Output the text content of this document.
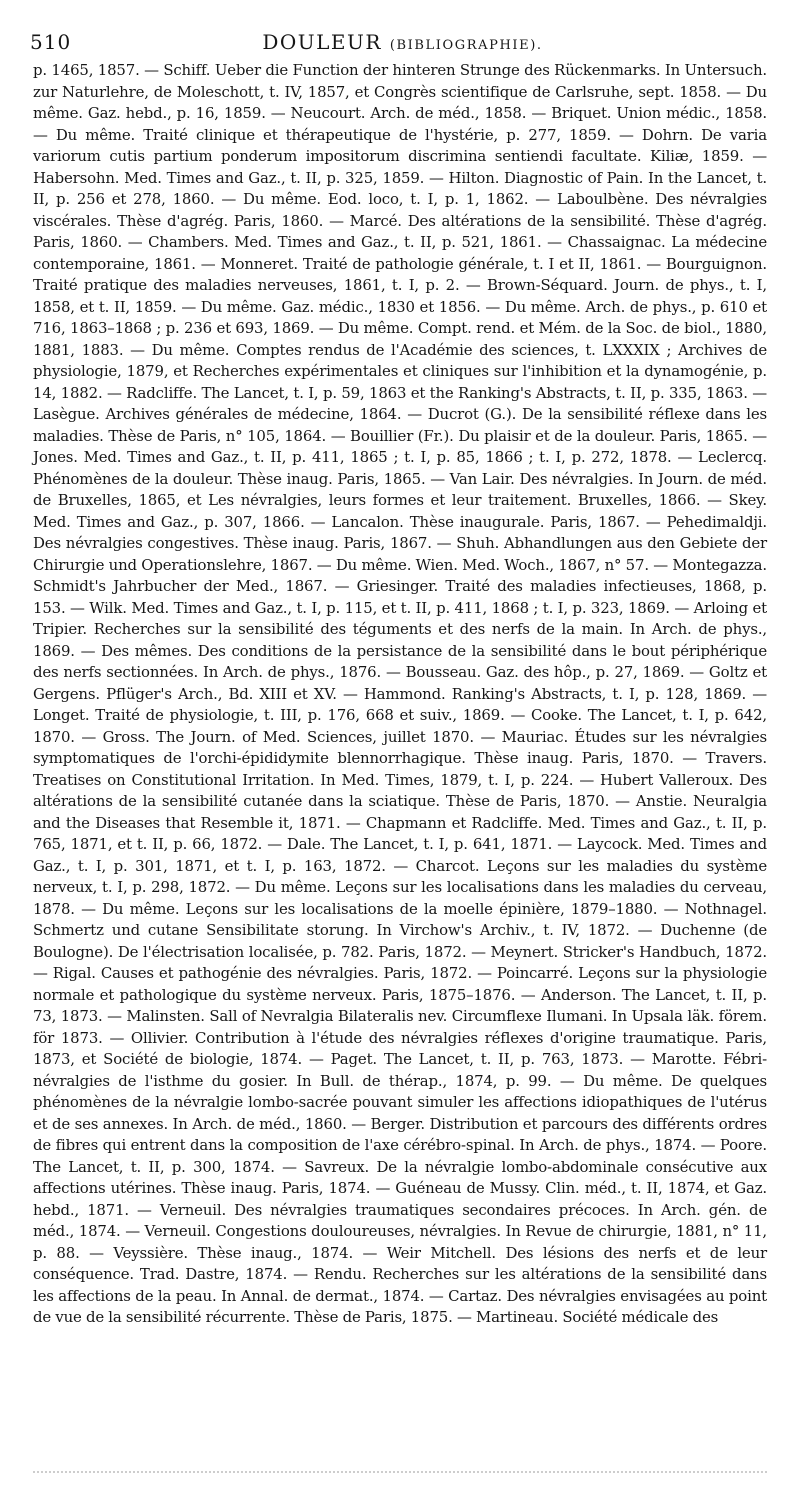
510	DOULEUR (BIBLIOGRAPHIE).
p. 1465, 1857. — Schiff. Ueber die Function der hinteren Strunge des Rückenmarks. In Untersuch. zur Naturlehre, de Moleschott, t. IV, 1857, et Congrès scientifique de Carlsruhe, sept. 1858. — Du même. Gaz. hebd., p. 16, 1859. — Neucourt. Arch. de méd., 1858. — Briquet. Union médic., 1858. — Du même. Traité clinique et thérapeutique de l'hystérie, p. 277, 1859. — Dohrn. De varia variorum cutis partium ponderum impositorum discrimina sentiendi facultate. Kiliæ, 1859. — Habersohn. Med. Times and Gaz., t. II, p. 325, 1859. — Hilton. Diagnostic of Pain. In the Lancet, t. II, p. 256 et 278, 1860. — Du même. Eod. loco, t. I, p. 1, 1862. — Laboulbène. Des névralgies viscérales. Thèse d'agrég. Paris, 1860. — Marcé. Des altérations de la sensibilité. Thèse d'agrég. Paris, 1860. — Chambers. Med. Times and Gaz., t. II, p. 521, 1861. — Chassaignac. La médecine contemporaine, 1861. — Monneret. Traité de pathologie générale, t. I et II, 1861. — Bourguignon. Traité pratique des maladies nerveuses, 1861, t. I, p. 2. — Brown-Séquard. Journ. de phys., t. I, 1858, et t. II, 1859. — Du même. Gaz. médic., 1830 et 1856. — Du même. Arch. de phys., p. 610 et 716, 1863–1868 ; p. 236 et 693, 1869. — Du même. Compt. rend. et Mém. de la Soc. de biol., 1880, 1881, 1883. — Du même. Comptes rendus de l'Académie des sciences, t. LXXXIX ; Archives de physiologie, 1879, et Recherches expérimentales et cliniques sur l'inhibition et la dynamogénie, p. 14, 1882. — Radcliffe. The Lancet, t. I, p. 59, 1863 et the Ranking's Abstracts, t. II, p. 335, 1863. — Lasègue. Archives générales de médecine, 1864. — Ducrot (G.). De la sensibilité réflexe dans les maladies. Thèse de Paris, n° 105, 1864. — Bouillier (Fr.). Du plaisir et de la douleur. Paris, 1865. — Jones. Med. Times and Gaz., t. II, p. 411, 1865 ; t. I, p. 85, 1866 ; t. I, p. 272, 1878. — Leclercq. Phénomènes de la douleur. Thèse inaug. Paris, 1865. — Van Lair. Des névralgies. In Journ. de méd. de Bruxelles, 1865, et Les névralgies, leurs formes et leur traitement. Bruxelles, 1866. — Skey. Med. Times and Gaz., p. 307, 1866. — Lancalon. Thèse inaugurale. Paris, 1867. — Pehedimaldji. Des névralgies congestives. Thèse inaug. Paris, 1867. — Shuh. Abhandlungen aus den Gebiete der Chirurgie und Operationslehre, 1867. — Du même. Wien. Med. Woch., 1867, n° 57. — Montegazza. Schmidt's Jahrbucher der Med., 1867. — Griesinger. Traité des maladies infectieuses, 1868, p. 153. — Wilk. Med. Times and Gaz., t. I, p. 115, et t. II, p. 411, 1868 ; t. I, p. 323, 1869. — Arloing et Tripier. Recherches sur la sensibilité des téguments et des nerfs de la main. In Arch. de phys., 1869. — Des mêmes. Des conditions de la persistance de la sensibilité dans le bout périphérique des nerfs sectionnées. In Arch. de phys., 1876. — Bousseau. Gaz. des hôp., p. 27, 1869. — Goltz et Gergens. Pflüger's Arch., Bd. XIII et XV. — Hammond. Ranking's Abstracts, t. I, p. 128, 1869. — Longet. Traité de physiologie, t. III, p. 176, 668 et suiv., 1869. — Cooke. The Lancet, t. I, p. 642, 1870. — Gross. The Journ. of Med. Sciences, juillet 1870. — Mauriac. Études sur les névralgies symptomatiques de l'orchi-épididymite blennorrhagique. Thèse inaug. Paris, 1870. — Travers. Treatises on Constitutional Irritation. In Med. Times, 1879, t. I, p. 224. — Hubert Valleroux. Des altérations de la sensibilité cutanée dans la sciatique. Thèse de Paris, 1870. — Anstie. Neuralgia and the Diseases that Resemble it, 1871. — Chapmann et Radcliffe. Med. Times and Gaz., t. II, p. 765, 1871, et t. II, p. 66, 1872. — Dale. The Lancet, t. I, p. 641, 1871. — Laycock. Med. Times and Gaz., t. I, p. 301, 1871, et t. I, p. 163, 1872. — Charcot. Leçons sur les maladies du système nerveux, t. I, p. 298, 1872. — Du même. Leçons sur les localisations dans les maladies du cerveau, 1878. — Du même. Leçons sur les localisations de la moelle épinière, 1879–1880. — Nothnagel. Schmertz und cutane Sensibilitate storung. In Virchow's Archiv., t. IV, 1872. — Duchenne (de Boulogne). De l'électrisation localisée, p. 782. Paris, 1872. — Meynert. Stricker's Handbuch, 1872. — Rigal. Causes et pathogénie des névralgies. Paris, 1872. — Poincarré. Leçons sur la physiologie normale et pathologique du système nerveux. Paris, 1875–1876. — Anderson. The Lancet, t. II, p. 73, 1873. — Malinsten. Sall of Nevralgia Bilateralis nev. Circumflexe Ilumani. In Upsala läk. förem. för 1873. — Ollivier. Contribution à l'étude des névralgies réflexes d'origine traumatique. Paris, 1873, et Société de biologie, 1874. — Paget. The Lancet, t. II, p. 763, 1873. — Marotte. Fébri-névralgies de l'isthme du gosier. In Bull. de thérap., 1874, p. 99. — Du même. De quelques phénomènes de la névralgie lombo-sacrée pouvant simuler les affections idiopathiques de l'utérus et de ses annexes. In Arch. de méd., 1860. — Berger. Distribution et parcours des différents ordres de fibres qui entrent dans la composition de l'axe cérébro-spinal. In Arch. de phys., 1874. — Poore. The Lancet, t. II, p. 300, 1874. — Savreux. De la névralgie lombo-abdominale consécutive aux affections utérines. Thèse inaug. Paris, 1874. — Guéneau de Mussy. Clin. méd., t. II, 1874, et Gaz. hebd., 1871. — Verneuil. Des névralgies traumatiques secondaires précoces. In Arch. gén. de méd., 1874. — Verneuil. Congestions douloureuses, névralgies. In Revue de chirurgie, 1881, n° 11, p. 88. — Veyssière. Thèse inaug., 1874. — Weir Mitchell. Des lésions des nerfs et de leur conséquence. Trad. Dastre, 1874. — Rendu. Recherches sur les altérations de la sensibilité dans les affections de la peau. In Annal. de dermat., 1874. — Cartaz. Des névralgies envisagées au point de vue de la sensibilité récurrente. Thèse de Paris, 1875. — Martineau. Société médicale des
